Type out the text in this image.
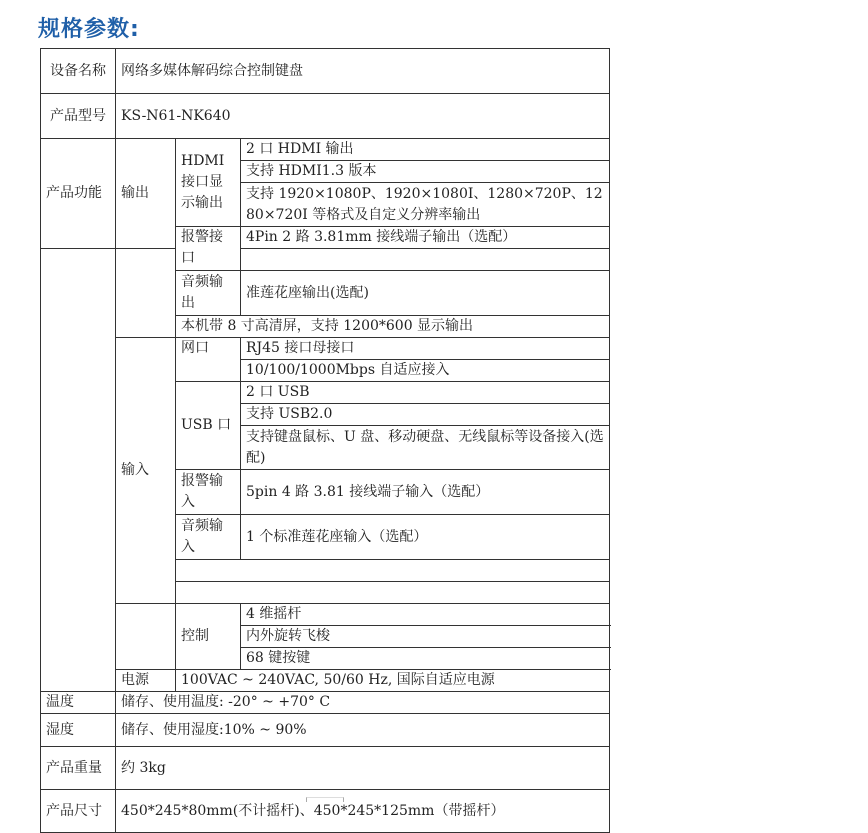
规格参数:
设备名称	网络多媒体解码综合控制键盘		
产品型号	KS-N61-NK640		
产品功能	输出	HDMI 接口显示输出	2 口 HDMI 输出
			支持 HDMI1.3 版本
			支持 1920×1080P、1920×1080I、1280×720P、1280×720I 等格式及自定义分辨率输出
		报警接口	4Pin 2 路 3.81mm 接线端子输出（选配）

		音频输出	准莲花座输出(选配)
		本机带 8 寸高清屏，支持 1200*600 显示输出	
	输入	网口	RJ45 接口母接口
			10/100/1000Mbps 自适应接入
		USB 口	2 口 USB
			支持 USB2.0
			支持键盘鼠标、U 盘、移动硬盘、无线鼠标等设备接入(选配)
		报警输入	5pin 4 路 3.81 接线端子输入（选配）
		音频输入	1 个标准莲花座输入（选配）

		控制	4 维摇杆
			内外旋转飞梭
			68 键按键
	电源	100VAC ~ 240VAC, 50/60 Hz, 国际自适应电源	
温度	储存、使用温度: -20° ~ +70° C		
湿度	储存、使用湿度:10% ~ 90%		
产品重量	约 3kg		
产品尺寸	450*245*80mm(不计摇杆)、450*245*125mm（带摇杆）		
